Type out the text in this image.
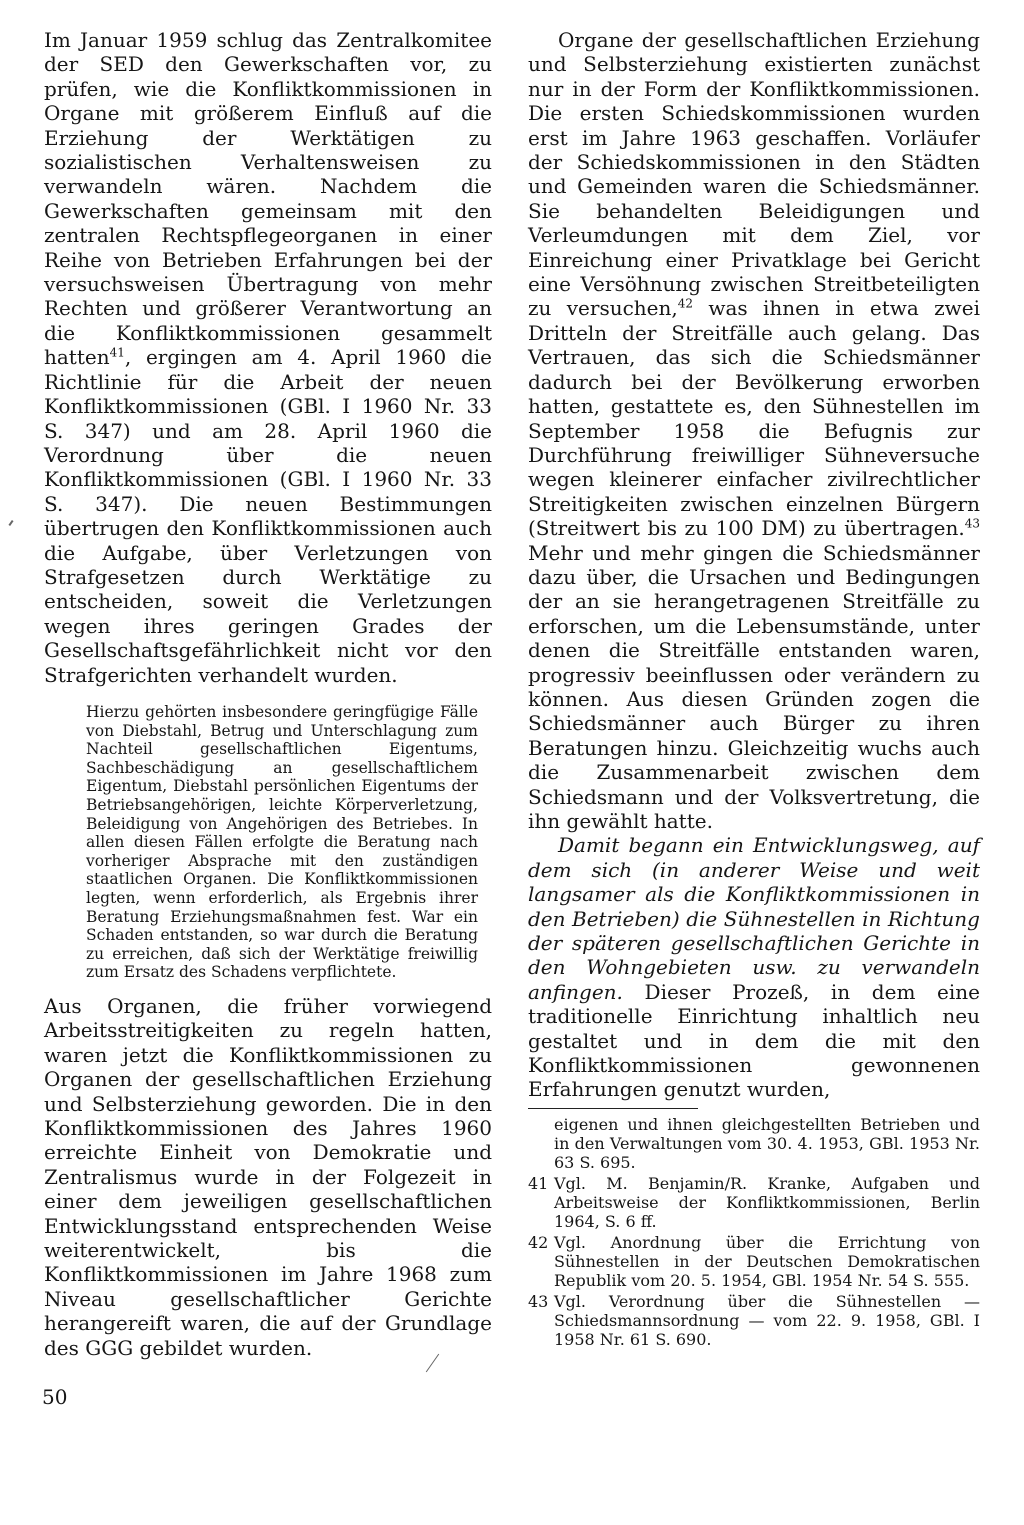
Im Januar 1959 schlug das Zentralkomitee der SED den Gewerkschaften vor, zu prüfen, wie die Konfliktkommissionen in Organe mit größerem Einfluß auf die Erziehung der Werktätigen zu sozialistischen Verhaltensweisen zu verwandeln wären. Nachdem die Gewerkschaften gemeinsam mit den zentralen Rechtspflegeorganen in einer Reihe von Betrieben Erfahrungen bei der versuchsweisen Übertragung von mehr Rechten und größerer Verantwortung an die Konfliktkommissionen gesammelt hatten$^{41}$, ergingen am 4. April 1960 die Richtlinie für die Arbeit der neuen Konfliktkommissionen (GBl. I 1960 Nr. 33 S. 347) und am 28. April 1960 die Verordnung über die neuen Konfliktkommissionen (GBl. I 1960 Nr. 33 S. 347). Die neuen Bestimmungen übertrugen den Konfliktkommissionen auch die Aufgabe, über Verletzungen von Strafgesetzen durch Werktätige zu entscheiden, soweit die Verletzungen wegen ihres geringen Grades der Gesellschaftsgefährlichkeit nicht vor den Strafgerichten verhandelt wurden.

Hierzu gehörten insbesondere geringfügige Fälle von Diebstahl, Betrug und Unterschlagung zum Nachteil gesellschaftlichen Eigentums, Sachbeschädigung an gesellschaftlichem Eigentum, Diebstahl persönlichen Eigentums der Betriebsangehörigen, leichte Körperverletzung, Beleidigung von Angehörigen des Betriebes. In allen diesen Fällen erfolgte die Beratung nach vorheriger Absprache mit den zuständigen staatlichen Organen. Die Konfliktkommissionen legten, wenn erforderlich, als Ergebnis ihrer Beratung Erziehungsmaßnahmen fest. War ein Schaden entstanden, so war durch die Beratung zu erreichen, daß sich der Werktätige freiwillig zum Ersatz des Schadens verpflichtete.

Aus Organen, die früher vorwiegend Arbeitsstreitigkeiten zu regeln hatten, waren jetzt die Konfliktkommissionen zu Organen der gesellschaftlichen Erziehung und Selbsterziehung geworden. Die in den Konfliktkommissionen des Jahres 1960 erreichte Einheit von Demokratie und Zentralismus wurde in der Folgezeit in einer dem jeweiligen gesellschaftlichen Entwicklungsstand entsprechenden Weise weiterentwickelt, bis die Konfliktkommissionen im Jahre 1968 zum Niveau gesellschaftlicher Gerichte herangereift waren, die auf der Grundlage des GGG gebildet wurden.

Organe der gesellschaftlichen Erziehung und Selbsterziehung existierten zunächst nur in der Form der Konfliktkommissionen. Die ersten Schiedskommissionen wurden erst im Jahre 1963 geschaffen. Vorläufer der Schiedskommissionen in den Städten und Gemeinden waren die Schiedsmänner. Sie behandelten Beleidigungen und Verleumdungen mit dem Ziel, vor Einreichung einer Privatklage bei Gericht eine Versöhnung zwischen Streitbeteiligten zu versuchen,$^{42}$ was ihnen in etwa zwei Dritteln der Streitfälle auch gelang. Das Vertrauen, das sich die Schiedsmänner dadurch bei der Bevölkerung erworben hatten, gestattete es, den Sühnestellen im September 1958 die Befugnis zur Durchführung freiwilliger Sühneversuche wegen kleinerer einfacher zivilrechtlicher Streitigkeiten zwischen einzelnen Bürgern (Streitwert bis zu 100 DM) zu übertragen.$^{43}$ Mehr und mehr gingen die Schiedsmänner dazu über, die Ursachen und Bedingungen der an sie herangetragenen Streitfälle zu erforschen, um die Lebensumstände, unter denen die Streitfälle entstanden waren, progressiv beeinflussen oder verändern zu können. Aus diesen Gründen zogen die Schiedsmänner auch Bürger zu ihren Beratungen hinzu. Gleichzeitig wuchs auch die Zusammenarbeit zwischen dem Schiedsmann und der Volksvertretung, die ihn gewählt hatte.

Damit begann ein Entwicklungsweg, auf dem sich (in anderer Weise und weit langsamer als die Konfliktkommissionen in den Betrieben) die Sühnestellen in Richtung der späteren gesellschaftlichen Gerichte in den Wohngebieten usw. zu verwandeln anfingen. Dieser Prozeß, in dem eine traditionelle Einrichtung inhaltlich neu gestaltet und in dem die mit den Konfliktkommissionen gewonnenen Erfahrungen genutzt wurden,

eigenen und ihnen gleichgestellten Betrieben und in den Verwaltungen vom 30. 4. 1953, GBl. 1953 Nr. 63 S. 695.
41 Vgl. M. Benjamin/R. Kranke, Aufgaben und Arbeitsweise der Konfliktkommissionen, Berlin 1964, S. 6 ff.
42 Vgl. Anordnung über die Errichtung von Sühnestellen in der Deutschen Demokratischen Republik vom 20. 5. 1954, GBl. 1954 Nr. 54 S. 555.
43 Vgl. Verordnung über die Sühnestellen — Schiedsmannsordnung — vom 22. 9. 1958, GBl. I 1958 Nr. 61 S. 690.
50
